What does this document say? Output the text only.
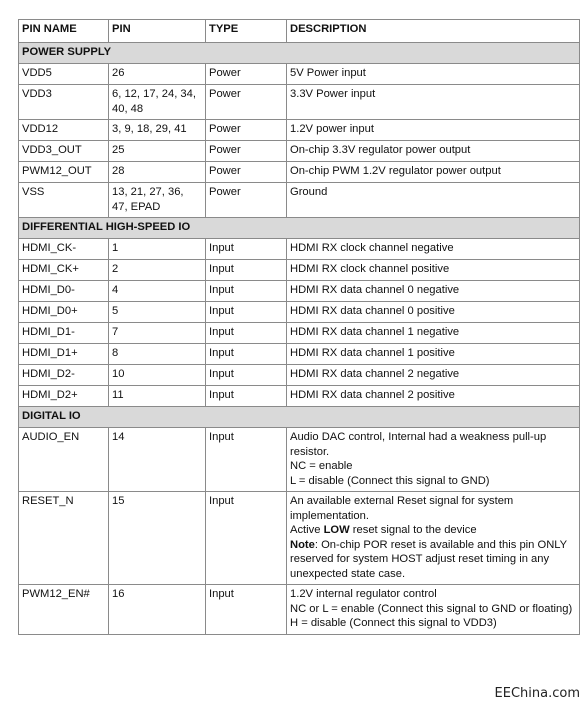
PIN NAME	PIN	TYPE	DESCRIPTION
POWER SUPPLY			
VDD5	26	Power	5V Power input

VDD3	6, 12, 17, 24, 34, 40, 48	Power	3.3V Power input

VDD12	3, 9, 18, 29, 41	Power	1.2V power input

VDD3_OUT	25	Power	On-chip 3.3V regulator power output

PWM12_OUT	28	Power	On-chip PWM 1.2V regulator power output

VSS	13, 21, 27, 36, 47, EPAD	Power	Ground

DIFFERENTIAL HIGH-SPEED IO			
HDMI_CK-	1	Input	HDMI RX clock channel negative

HDMI_CK+	2	Input	HDMI RX clock channel positive

HDMI_D0-	4	Input	HDMI RX data channel 0 negative

HDMI_D0+	5	Input	HDMI RX data channel 0 positive

HDMI_D1-	7	Input	HDMI RX data channel 1 negative

HDMI_D1+	8	Input	HDMI RX data channel 1 positive

HDMI_D2-	10	Input	HDMI RX data channel 2 negative

HDMI_D2+	11	Input	HDMI RX data channel 2 positive

DIGITAL IO			
AUDIO_EN	14	Input	Audio DAC control, Internal had a weakness pull-up resistor.
NC = enable
L = disable (Connect this signal to GND)

RESET_N	15	Input	An available external Reset signal for system implementation.
Active LOW reset signal to the device
Note: On-chip POR reset is available and this pin ONLY reserved for system HOST adjust reset timing in any unexpected state case.

PWM12_EN#	16	Input	1.2V internal regulator control
NC or L = enable (Connect this signal to GND or floating)
H = disable (Connect this signal to VDD3)
EEChina.com
